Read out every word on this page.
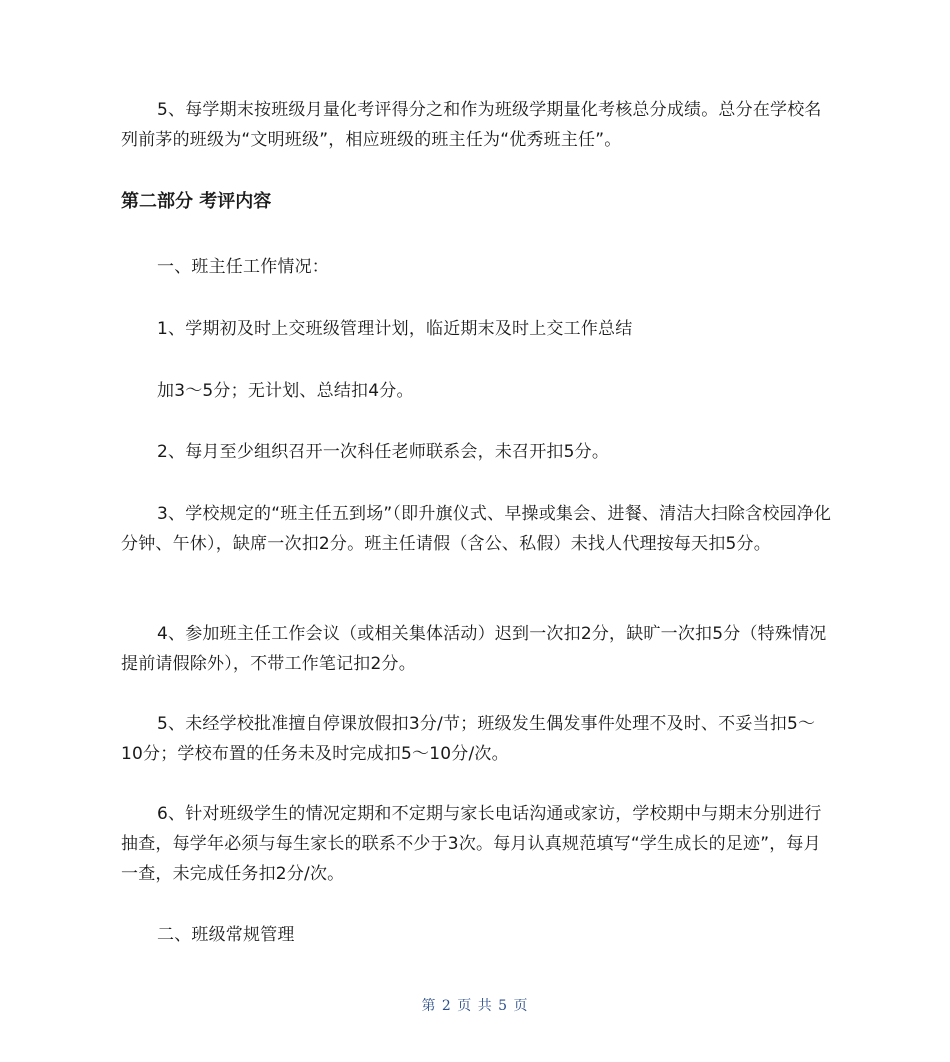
5、每学期末按班级月量化考评得分之和作为班级学期量化考核总分成绩。总分在学校名列前茅的班级为“文明班级”，相应班级的班主任为“优秀班主任”。

第二部分 考评内容

一、班主任工作情况：

1、学期初及时上交班级管理计划，临近期末及时上交工作总结

加3～5分；无计划、总结扣4分。

2、每月至少组织召开一次科任老师联系会，未召开扣5分。

3、学校规定的“班主任五到场”（即升旗仪式、早操或集会、进餐、清洁大扫除含校园净化分钟、午休），缺席一次扣2分。班主任请假（含公、私假）未找人代理按每天扣5分。

4、参加班主任工作会议（或相关集体活动）迟到一次扣2分，缺旷一次扣5分（特殊情况提前请假除外），不带工作笔记扣2分。

5、未经学校批准擅自停课放假扣3分/节；班级发生偶发事件处理不及时、不妥当扣5～10分；学校布置的任务未及时完成扣5～10分/次。

6、针对班级学生的情况定期和不定期与家长电话沟通或家访，学校期中与期末分别进行抽查，每学年必须与每生家长的联系不少于3次。每月认真规范填写“学生成长的足迹”，每月一查，未完成任务扣2分/次。

二、班级常规管理

第 2 页 共 5 页
